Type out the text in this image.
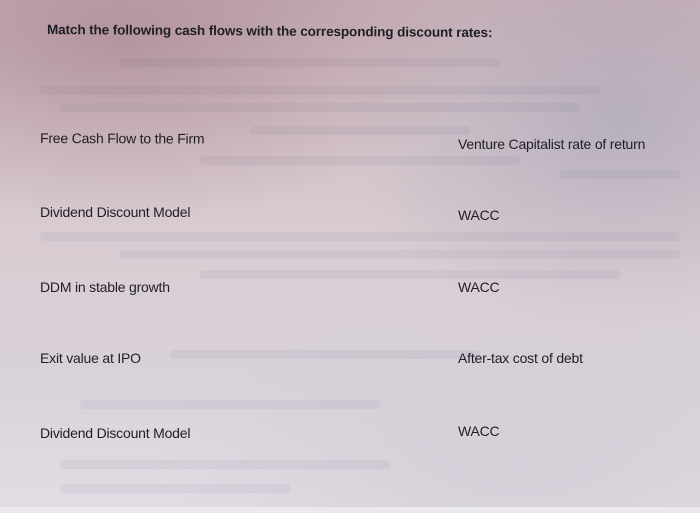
Match the following cash flows with the corresponding discount rates:
Free Cash Flow to the Firm	Venture Capitalist rate of return
Dividend Discount Model	WACC
DDM in stable growth	WACC
Exit value at IPO	After-tax cost of debt
Dividend Discount Model	WACC
